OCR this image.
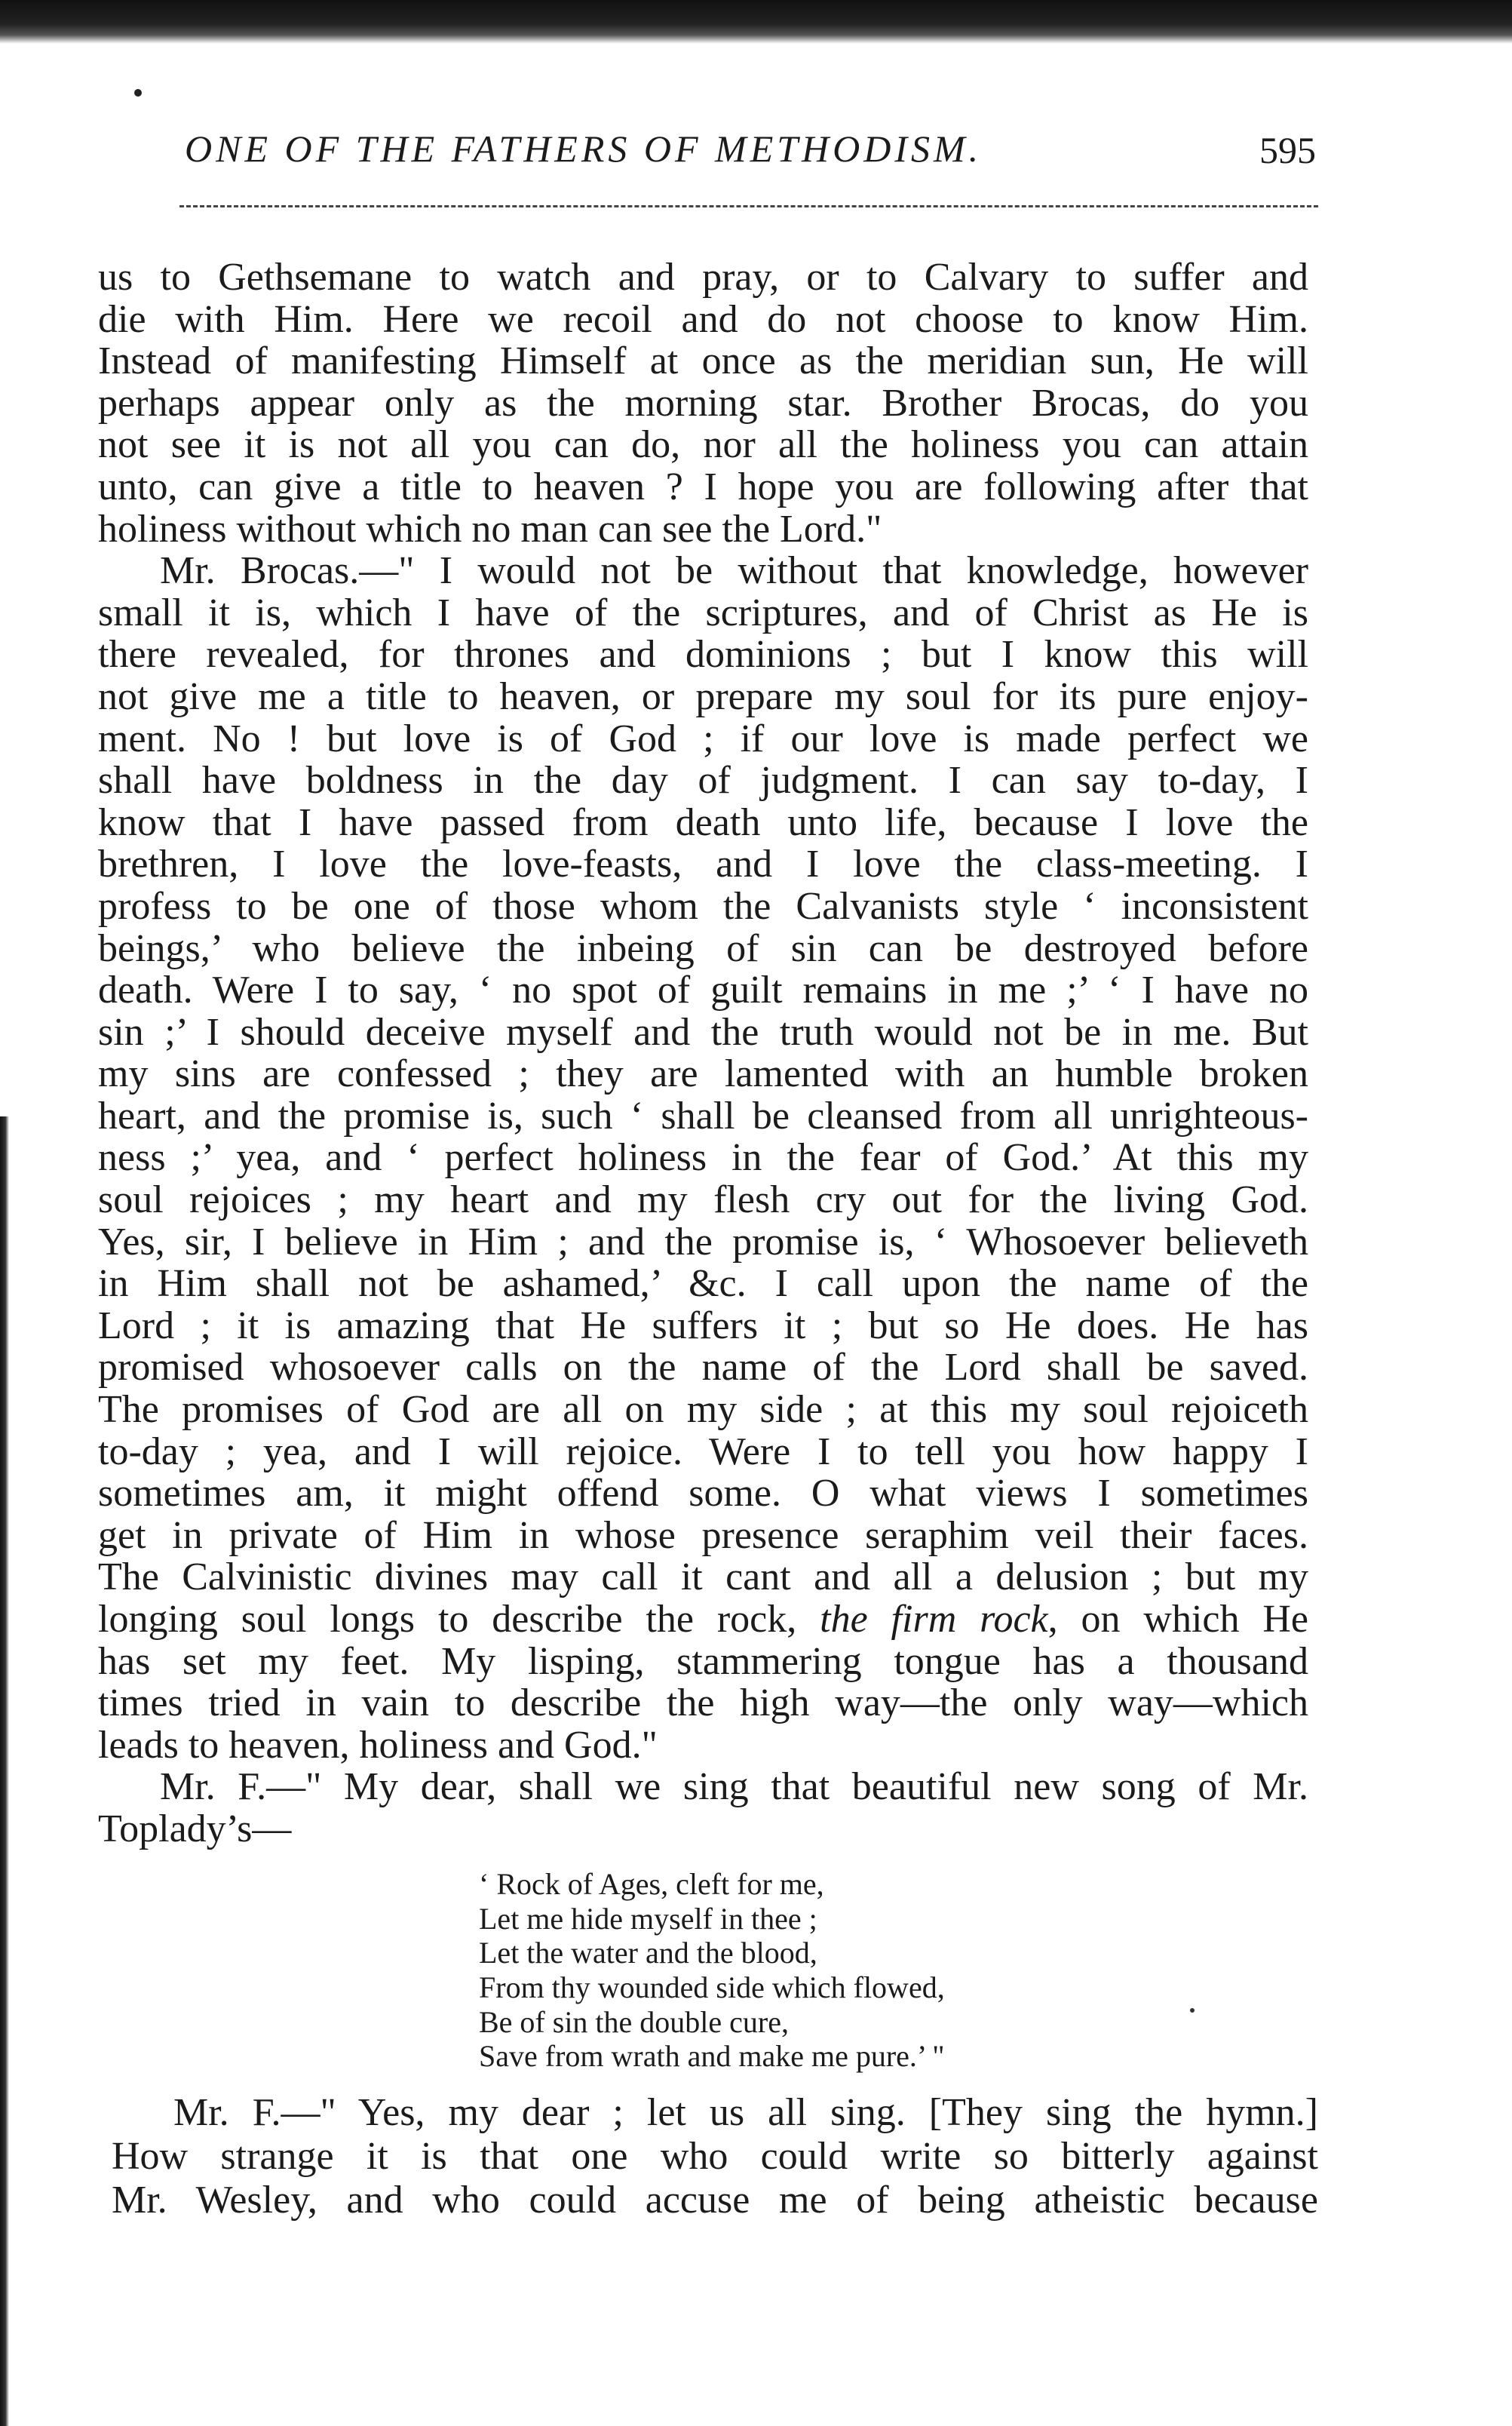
ONE OF THE FATHERS OF METHODISM.	595
us to Gethsemane to watch and pray, or to Calvary to suffer and
die with Him. Here we recoil and do not choose to know Him.
Instead of manifesting Himself at once as the meridian sun, He will
perhaps appear only as the morning star. Brother Brocas, do you
not see it is not all you can do, nor all the holiness you can attain
unto, can give a title to heaven ? I hope you are following after that
holiness without which no man can see the Lord."
Mr. Brocas.—" I would not be without that knowledge, however
small it is, which I have of the scriptures, and of Christ as He is
there revealed, for thrones and dominions ; but I know this will
not give me a title to heaven, or prepare my soul for its pure enjoy-
ment. No ! but love is of God ; if our love is made perfect we
shall have boldness in the day of judgment. I can say to-day, I
know that I have passed from death unto life, because I love the
brethren, I love the love-feasts, and I love the class-meeting. I
profess to be one of those whom the Calvanists style ‘ inconsistent
beings,’ who believe the inbeing of sin can be destroyed before
death. Were I to say, ‘ no spot of guilt remains in me ;’ ‘ I have no
sin ;’ I should deceive myself and the truth would not be in me. But
my sins are confessed ; they are lamented with an humble broken
heart, and the promise is, such ‘ shall be cleansed from all unrighteous-
ness ;’ yea, and ‘ perfect holiness in the fear of God.’ At this my
soul rejoices ; my heart and my flesh cry out for the living God.
Yes, sir, I believe in Him ; and the promise is, ‘ Whosoever believeth
in Him shall not be ashamed,’ &c. I call upon the name of the
Lord ; it is amazing that He suffers it ; but so He does. He has
promised whosoever calls on the name of the Lord shall be saved.
The promises of God are all on my side ; at this my soul rejoiceth
to-day ; yea, and I will rejoice. Were I to tell you how happy I
sometimes am, it might offend some. O what views I sometimes
get in private of Him in whose presence seraphim veil their faces.
The Calvinistic divines may call it cant and all a delusion ; but my
longing soul longs to describe the rock, the firm rock, on which He
has set my feet. My lisping, stammering tongue has a thousand
times tried in vain to describe the high way—the only way—which
leads to heaven, holiness and God."
Mr. F.—" My dear, shall we sing that beautiful new song of Mr.
Toplady’s—
‘ Rock of Ages, cleft for me,
Let me hide myself in thee ;
Let the water and the blood,
From thy wounded side which flowed,
Be of sin the double cure,
Save from wrath and make me pure.’ "
Mr. F.—" Yes, my dear ; let us all sing. [They sing the hymn.]
How strange it is that one who could write so bitterly against
Mr. Wesley, and who could accuse me of being atheistic because
